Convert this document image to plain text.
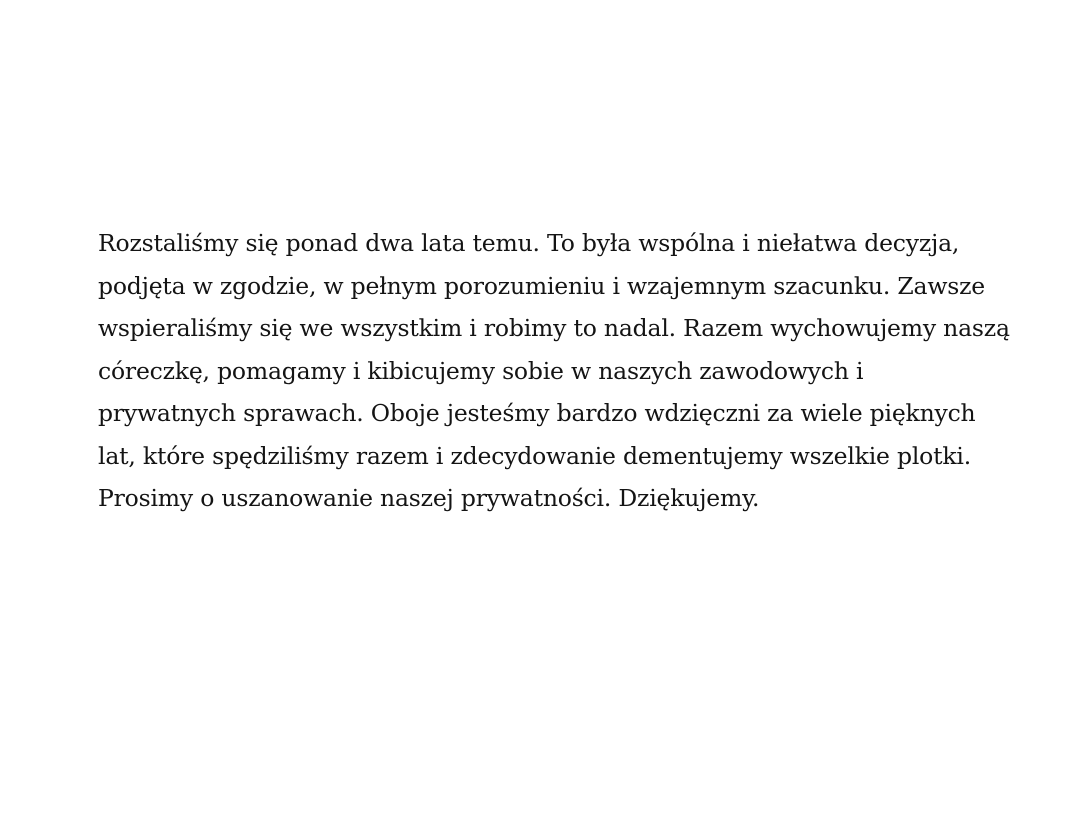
Rozstaliśmy się ponad dwa lata temu. To była wspólna i niełatwa decyzja,
podjęta w zgodzie, w pełnym porozumieniu i wzajemnym szacunku. Zawsze
wspieraliśmy się we wszystkim i robimy to nadal. Razem wychowujemy naszą
córeczkę, pomagamy i kibicujemy sobie w naszych zawodowych i
prywatnych sprawach. Oboje jesteśmy bardzo wdzięczni za wiele pięknych
lat, które spędziliśmy razem i zdecydowanie dementujemy wszelkie plotki.
Prosimy o uszanowanie naszej prywatności. Dziękujemy.
